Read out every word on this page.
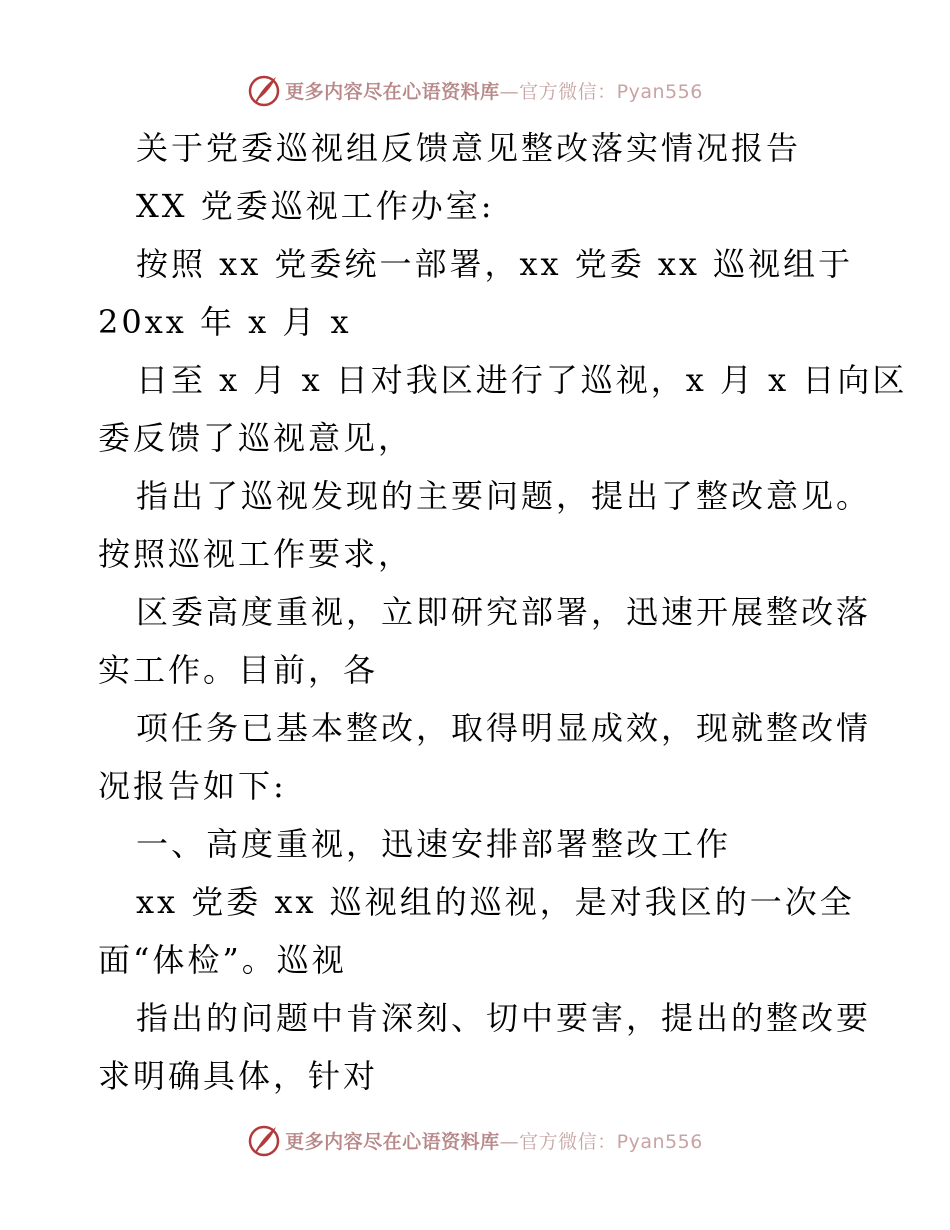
更多内容尽在心语资料库—官方微信：Pyan556
关于党委巡视组反馈意见整改落实情况报告
XX 党委巡视工作办室:
按照 xx 党委统一部署，xx 党委 xx 巡视组于
20xx 年 x 月 x
日至 x 月 x 日对我区进行了巡视，x 月 x 日向区
委反馈了巡视意见，
指出了巡视发现的主要问题，提出了整改意见。
按照巡视工作要求，
区委高度重视，立即研究部署，迅速开展整改落
实工作。目前，各
项任务已基本整改，取得明显成效，现就整改情
况报告如下:
一、高度重视，迅速安排部署整改工作
xx 党委 xx 巡视组的巡视，是对我区的一次全
面“体检”。巡视
指出的问题中肯深刻、切中要害，提出的整改要
求明确具体，针对
更多内容尽在心语资料库—官方微信：Pyan556
